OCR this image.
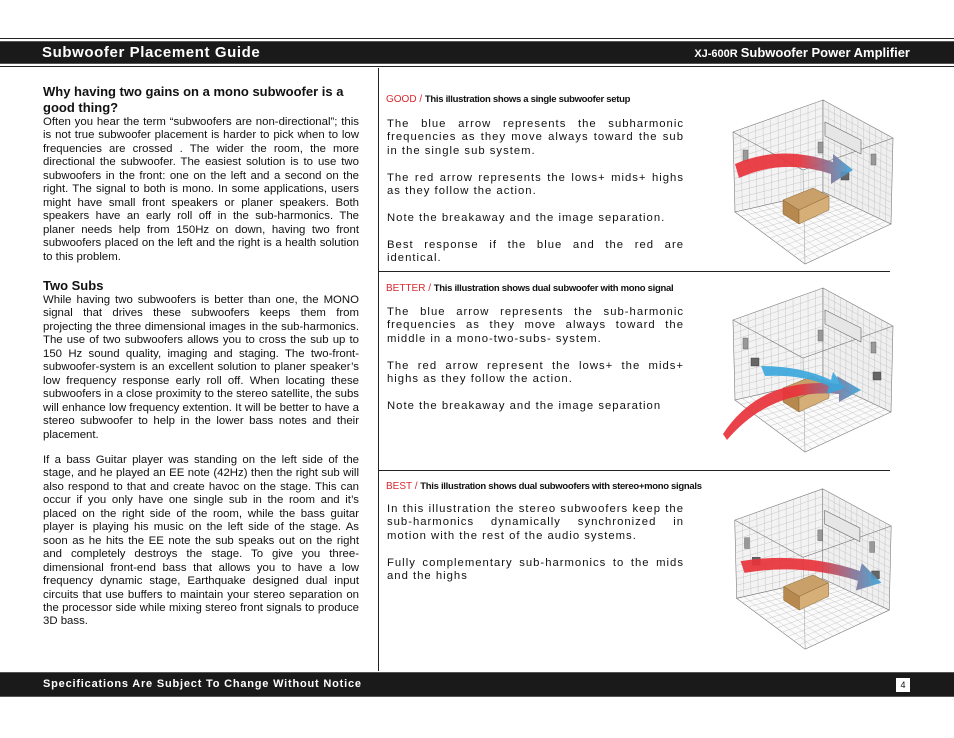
Subwoofer Placement Guide	XJ-600R Subwoofer Power Amplifier
Why having two gains on a mono subwoofer is a good thing?

Often you hear the term “subwoofers are non-directional”; this is not true subwoofer placement is harder to pick when to low frequencies are crossed . The wider the room, the more directional the subwoofer. The easiest solution is to use two subwoofers in the front: one on the left and a second on the right. The signal to both is mono. In some applications, users might have small front speakers or planer speakers. Both speakers have an early roll off in the sub-harmonics. The planer needs help from 150Hz on down, having two front subwoofers placed on the left and the right is a health solution to this problem.

Two Subs

While having two subwoofers is better than one, the MONO signal that drives these subwoofers keeps them from projecting the three dimensional images in the sub-harmonics. The use of two subwoofers allows you to cross the sub up to 150 Hz sound quality, imaging and staging. The two-front-subwoofer-system is an excellent solution to planer speaker’s low frequency response early roll off. When locating these subwoofers in a close proximity to the stereo satellite, the subs will enhance low frequency extention. It will be better to have a stereo subwoofer to help in the lower bass notes and their placement.

If a bass Guitar player was standing on the left side of the stage, and he played an EE note (42Hz) then the right sub will also respond to that and create havoc on the stage. This can occur if you only have one single sub in the room and it’s placed on the right side of the room, while the bass guitar player is playing his music on the left side of the stage. As soon as he hits the EE note the sub speaks out on the right and completely destroys the stage. To give you three-dimensional front-end bass that allows you to have a low frequency dynamic stage, Earthquake designed dual input circuits that use buffers to maintain your stereo separation on the processor side while mixing stereo front signals to produce 3D bass.

GOOD / This illustration shows a single subwoofer setup

The blue arrow represents the subharmonic frequencies as they move always toward the sub in the single sub system.

The red arrow represents the lows+ mids+ highs as they follow the action.

Note the breakaway and the image separation.

Best response if the blue and the red are identical.

BETTER / This illustration shows dual subwoofer with mono signal

The blue arrow represents the sub-harmonic frequencies as they move always toward the middle in a mono-two-subs- system.

The red arrow represent the lows+ the mids+ highs as they follow the action.

Note the breakaway and the image separation

BEST / This illustration shows dual subwoofers with stereo+mono signals

In this illustration the stereo subwoofers keep the sub-harmonics dynamically synchronized in motion with the rest of the audio systems.

Fully complementary sub-harmonics to the mids and the highs

Specifications Are Subject To Change Without Notice	4
